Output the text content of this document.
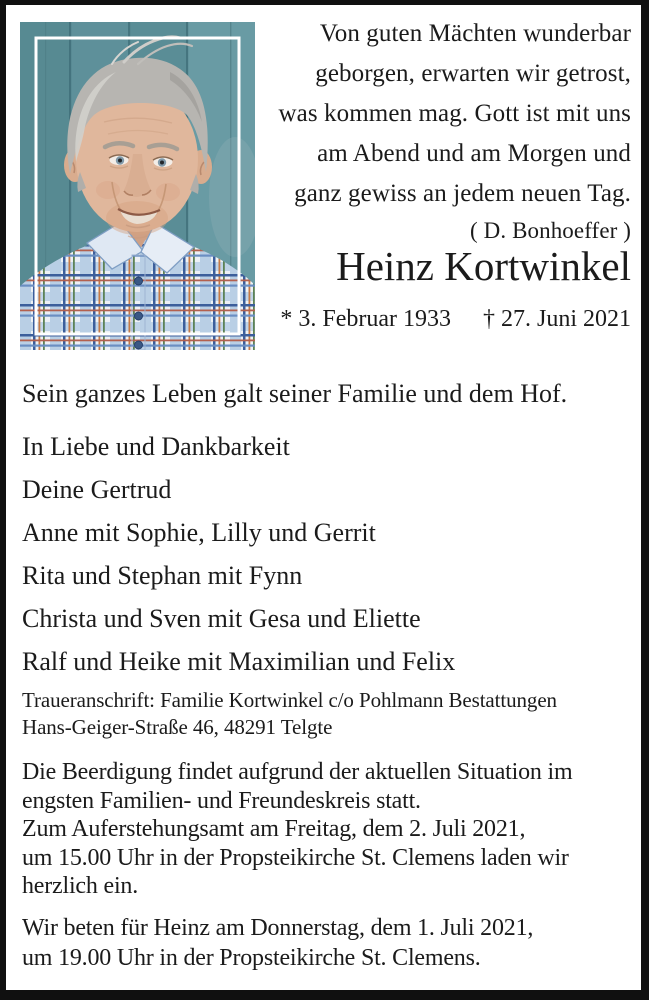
Von guten Mächten wunderbar
geborgen, erwarten wir getrost,
was kommen mag. Gott ist mit uns
am Abend und am Morgen und
ganz gewiss an jedem neuen Tag.
( D. Bonhoeffer )
Heinz Kortwinkel
* 3. Februar 1933 † 27. Juni 2021
Sein ganzes Leben galt seiner Familie und dem Hof.
In Liebe und Dankbarkeit
Deine Gertrud
Anne mit Sophie, Lilly und Gerrit
Rita und Stephan mit Fynn
Christa und Sven mit Gesa und Eliette
Ralf und Heike mit Maximilian und Felix
Traueranschrift: Familie Kortwinkel c/o Pohlmann Bestattungen
Hans-Geiger-Straße 46, 48291 Telgte
Die Beerdigung findet aufgrund der aktuellen Situation im
engsten Familien- und Freundeskreis statt.
Zum Auferstehungsamt am Freitag, dem 2. Juli 2021,
um 15.00 Uhr in der Propsteikirche St. Clemens laden wir
herzlich ein.
Wir beten für Heinz am Donnerstag, dem 1. Juli 2021,
um 19.00 Uhr in der Propsteikirche St. Clemens.
